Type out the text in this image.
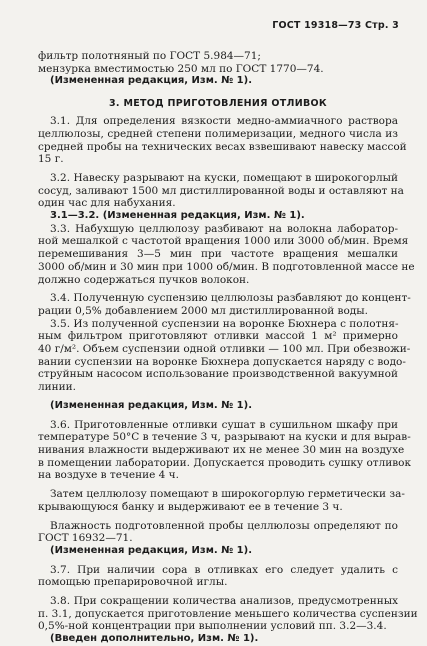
ГОСТ 19318—73 Стр. 3
фильтр полотняный по ГОСТ 5.984—71;
мензурка вместимостью 250 мл по ГОСТ 1770—74.
(Измененная редакция, Изм. № 1).
3. МЕТОД ПРИГОТОВЛЕНИЯ ОТЛИВОК
3.1. Для определения вязкости медно-аммиачного раствора
целлюлозы, средней степени полимеризации, медного числа из
средней пробы на технических весах взвешивают навеску массой
15 г.
3.2. Навеску разрывают на куски, помещают в широкогорлый
сосуд, заливают 1500 мл дистиллированной воды и оставляют на
один час для набухания.
3.1—3.2. (Измененная редакция, Изм. № 1).
3.3. Набухшую целлюлозу разбивают на волокна лаборатор-
ной мешалкой с частотой вращения 1000 или 3000 об/мин. Время
перемешивания 3—5 мин при частоте вращения мешалки
3000 об/мин и 30 мин при 1000 об/мин. В подготовленной массе не
должно содержаться пучков волокон.
3.4. Полученную суспензию целлюлозы разбавляют до концент-
рации 0,5% добавлением 2000 мл дистиллированной воды.
3.5. Из полученной суспензии на воронке Бюхнера с полотня-
ным фильтром приготовляют отливки массой 1 м² примерно
40 г/м². Объем суспензии одной отливки — 100 мл. При обезвожи-
вании суспензии на воронке Бюхнера допускается наряду с водо-
струйным насосом использование производственной вакуумной
линии.
(Измененная редакция, Изм. № 1).
3.6. Приготовленные отливки сушат в сушильном шкафу при
температуре 50°C в течение 3 ч, разрывают на куски и для вырав-
нивания влажности выдерживают их не менее 30 мин на воздухе
в помещении лаборатории. Допускается проводить сушку отливок
на воздухе в течение 4 ч.
Затем целлюлозу помещают в широкогорлую герметически за-
крывающуюся банку и выдерживают ее в течение 3 ч.
Влажность подготовленной пробы целлюлозы определяют по
ГОСТ 16932—71.
(Измененная редакция, Изм. № 1).
3.7. При наличии сора в отливках его следует удалить с
помощью препарировочной иглы.
3.8. При сокращении количества анализов, предусмотренных
п. 3.1, допускается приготовление меньшего количества суспензии
0,5%-ной концентрации при выполнении условий пп. 3.2—3.4.
(Введен дополнительно, Изм. № 1).
